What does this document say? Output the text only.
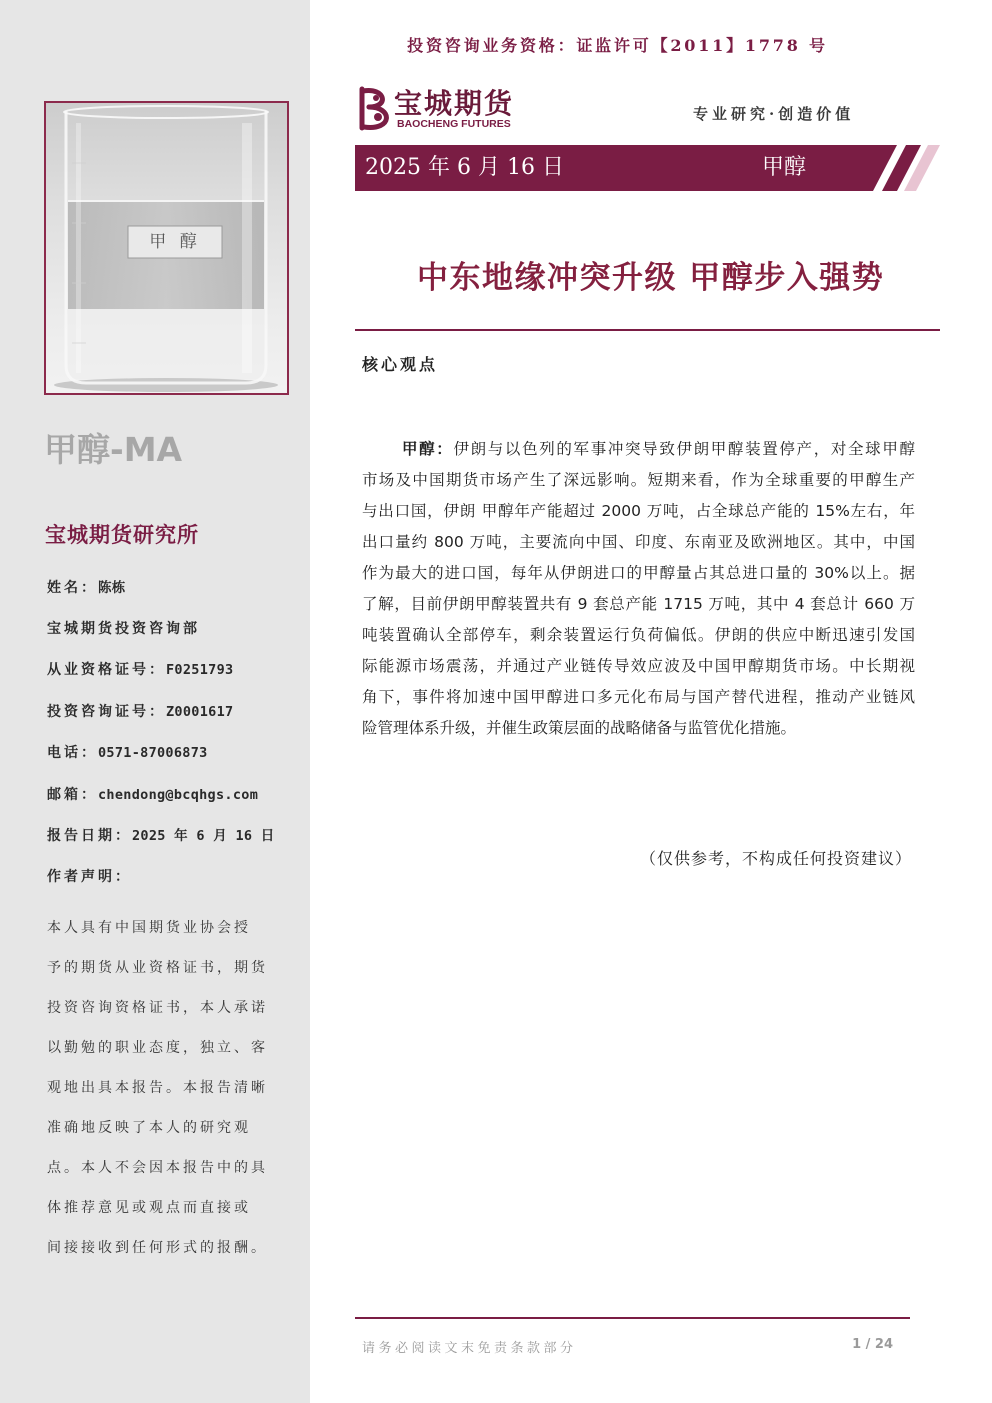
甲 醇
甲醇-MA
宝城期货研究所
姓名：陈栋
宝城期货投资咨询部
从业资格证号：F0251793
投资咨询证号：Z0001617
电话：0571-87006873
邮箱：chendong@bcqhgs.com
报告日期：2025 年 6 月 16 日
作者声明：
本人具有中国期货业协会授
予的期货从业资格证书，期货
投资咨询资格证书，本人承诺
以勤勉的职业态度，独立、客
观地出具本报告。本报告清晰
准确地反映了本人的研究观
点。本人不会因本报告中的具
体推荐意见或观点而直接或
间接接收到任何形式的报酬。
投资咨询业务资格：证监许可【2011】1778 号
宝城期货
BAOCHENG FUTURES
专业研究·创造价值
2025 年 6 月 16 日	甲醇
中东地缘冲突升级 甲醇步入强势
核心观点
甲醇：伊朗与以色列的军事冲突导致伊朗甲醇装置停产，对全球甲醇
市场及中国期货市场产生了深远影响。短期来看，作为全球重要的甲醇生产
与出口国，伊朗 甲醇年产能超过 2000 万吨，占全球总产能的 15%左右，年
出口量约 800 万吨，主要流向中国、印度、东南亚及欧洲地区。其中，中国
作为最大的进口国，每年从伊朗进口的甲醇量占其总进口量的 30%以上。据
了解，目前伊朗甲醇装置共有 9 套总产能 1715 万吨，其中 4 套总计 660 万
吨装置确认全部停车，剩余装置运行负荷偏低。伊朗的供应中断迅速引发国
际能源市场震荡，并通过产业链传导效应波及中国甲醇期货市场。中长期视
角下，事件将加速中国甲醇进口多元化布局与国产替代进程，推动产业链风
险管理体系升级，并催生政策层面的战略储备与监管优化措施。
（仅供参考，不构成任何投资建议）
请务必阅读文末免责条款部分	1 / 24
